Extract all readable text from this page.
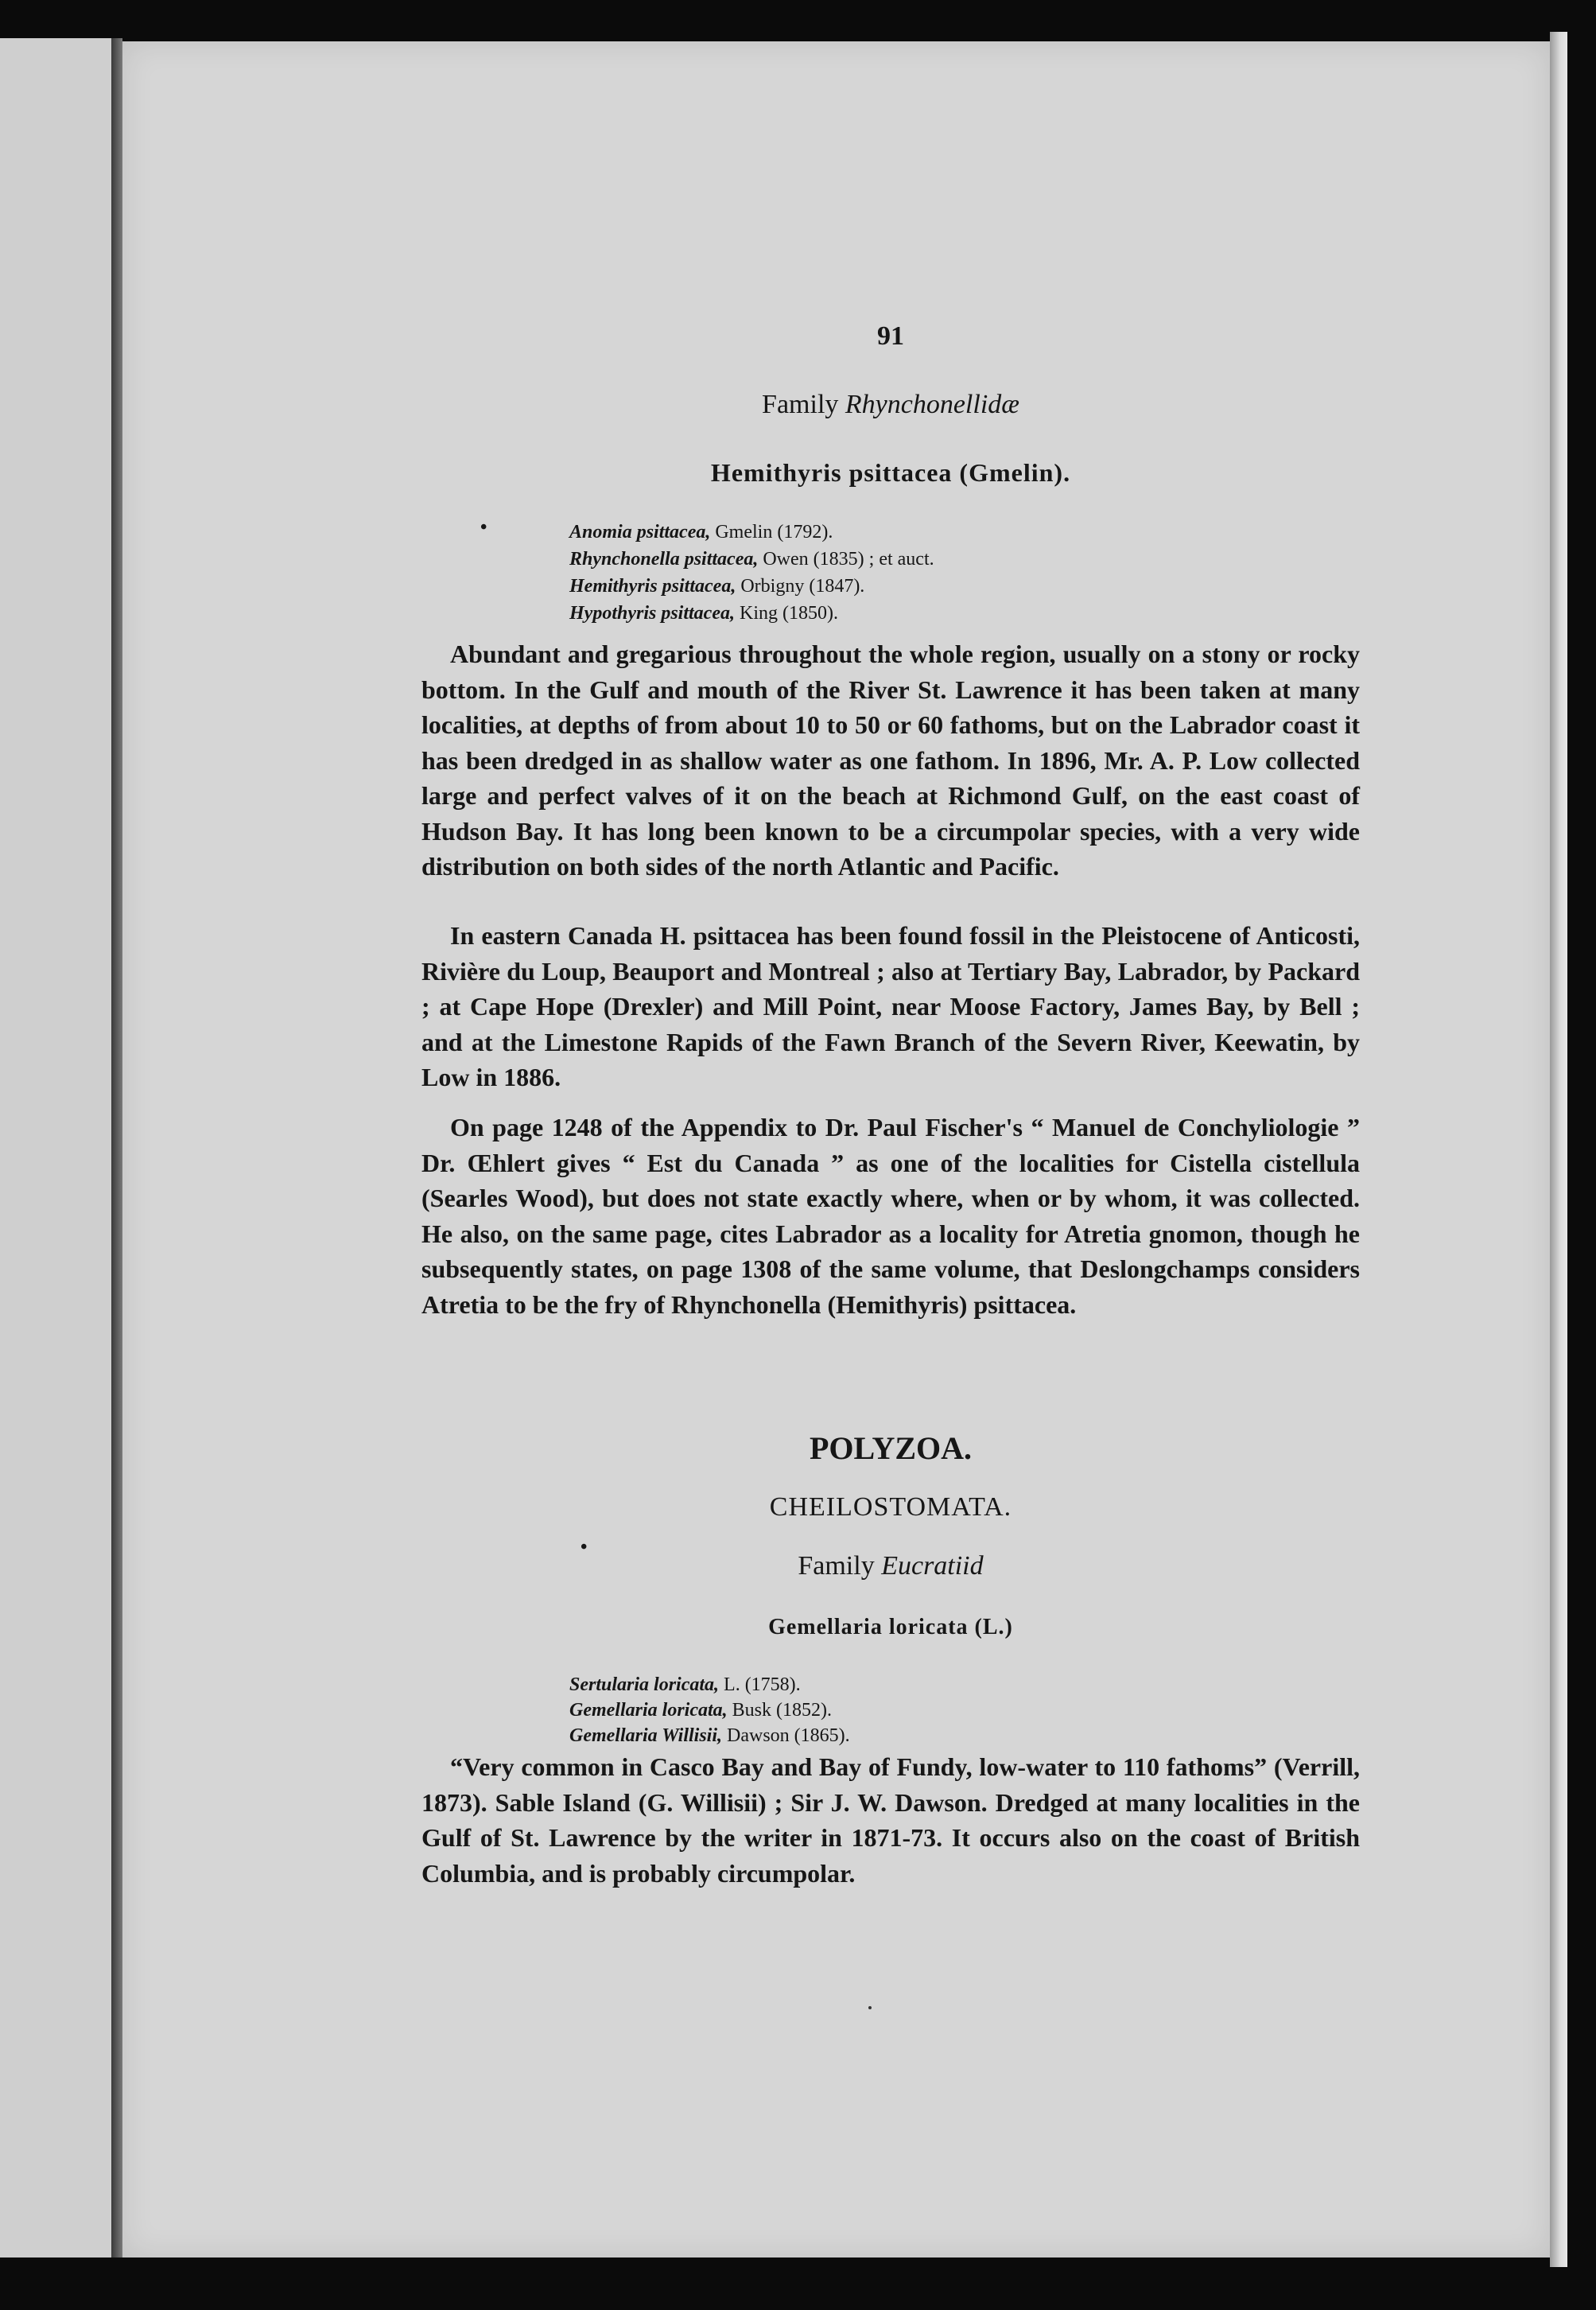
91
Family Rhynchonellidæ
Hemithyris psittacea (Gmelin).
•	Anomia psittacea, Gmelin (1792).
Rhynchonella psittacea, Owen (1835) ; et auct.
Hemithyris psittacea, Orbigny (1847).
Hypothyris psittacea, King (1850).

Abundant and gregarious throughout the whole region, usually on a stony or rocky bottom. In the Gulf and mouth of the River St. Lawrence it has been taken at many localities, at depths of from about 10 to 50 or 60 fathoms, but on the Labrador coast it has been dredged in as shallow water as one fathom. In 1896, Mr. A. P. Low collected large and perfect valves of it on the beach at Richmond Gulf, on the east coast of Hudson Bay. It has long been known to be a circumpolar species, with a very wide distribution on both sides of the north Atlantic and Pacific.

In eastern Canada H. psittacea has been found fossil in the Pleistocene of Anticosti, Rivière du Loup, Beauport and Montreal ; also at Tertiary Bay, Labrador, by Packard ; at Cape Hope (Drexler) and Mill Point, near Moose Factory, James Bay, by Bell ; and at the Limestone Rapids of the Fawn Branch of the Severn River, Keewatin, by Low in 1886.

On page 1248 of the Appendix to Dr. Paul Fischer's “ Manuel de Conchyliologie ” Dr. Œhlert gives “ Est du Canada ” as one of the localities for Cistella cistellula (Searles Wood), but does not state exactly where, when or by whom, it was collected. He also, on the same page, cites Labrador as a locality for Atretia gnomon, though he subsequently states, on page 1308 of the same volume, that Deslongchamps considers Atretia to be the fry of Rhynchonella (Hemithyris) psittacea.

POLYZOA.
CHEILOSTOMATA.
•
Family Eucratiid
Gemellaria loricata (L.)
Sertularia loricata, L. (1758).
Gemellaria loricata, Busk (1852).
Gemellaria Willisii, Dawson (1865).

“Very common in Casco Bay and Bay of Fundy, low-water to 110 fathoms” (Verrill, 1873). Sable Island (G. Willisii) ; Sir J. W. Dawson. Dredged at many localities in the Gulf of St. Lawrence by the writer in 1871-73. It occurs also on the coast of British Columbia, and is probably circumpolar.
